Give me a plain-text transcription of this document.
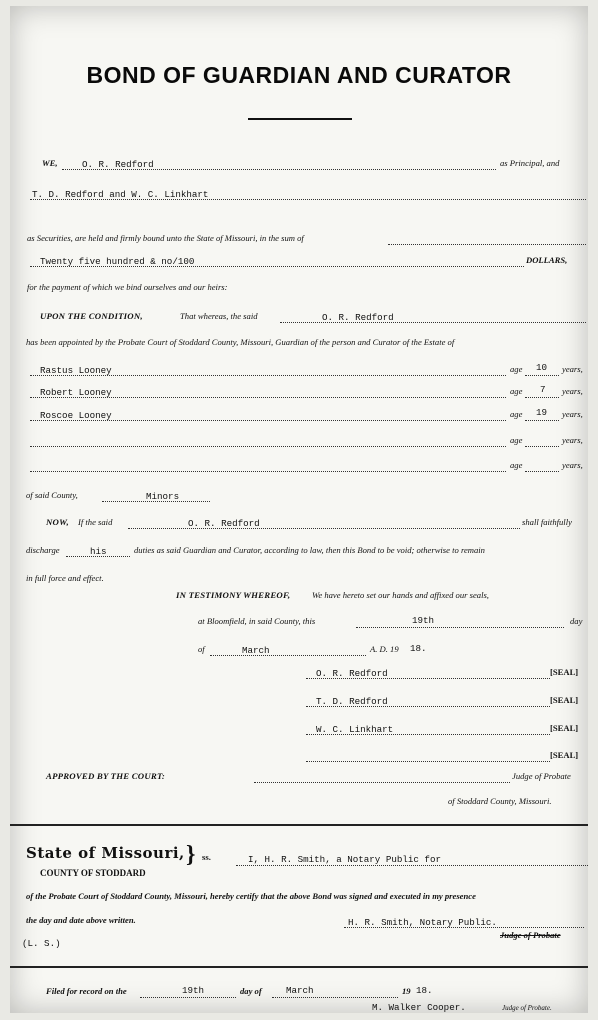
BOND OF GUARDIAN AND CURATOR
WE,	O. R. Redford	as Principal, and
T. D. Redford and W. C. Linkhart
as Securities, are held and firmly bound unto the State of Missouri, in the sum of
Twenty five hundred & no/100	DOLLARS,
for the payment of which we bind ourselves and our heirs:
UPON THE CONDITION,	That whereas, the said	O. R. Redford
has been appointed by the Probate Court of Stoddard County, Missouri, Guardian of the person and Curator of the Estate of
Rastus Looney	age 10 years,
Robert Looney	age 7 years,
Roscoe Looney	age 19 years,
age	years,
age	years,
of said County,	Minors
NOW, If the said	O. R. Redford	shall faithfully
discharge	his	duties as said Guardian and Curator, according to law, then this Bond to be void; otherwise to remain
in full force and effect.
IN TESTIMONY WHEREOF,	We have hereto set our hands and affixed our seals,
at Bloomfield, in said County, this	19th	day
of	March	A. D. 19 18.
O. R. Redford	[SEAL]
T. D. Redford	[SEAL]
W. C. Linkhart	[SEAL]
[SEAL]
APPROVED BY THE COURT:	Judge of Probate
of Stoddard County, Missouri.
State of Missouri, } ss.	I, H. R. Smith, a Notary Public for
COUNTY OF STODDARD
of the Probate Court of Stoddard County, Missouri, hereby certify that the above Bond was signed and executed in my presence
the day and date above written.	H. R. Smith, Notary Public.
Judge of Probate
(L. S.)
Filed for record on the	19th	day of	March	19 18.
M. Walker Cooper.	Judge of Probate.
